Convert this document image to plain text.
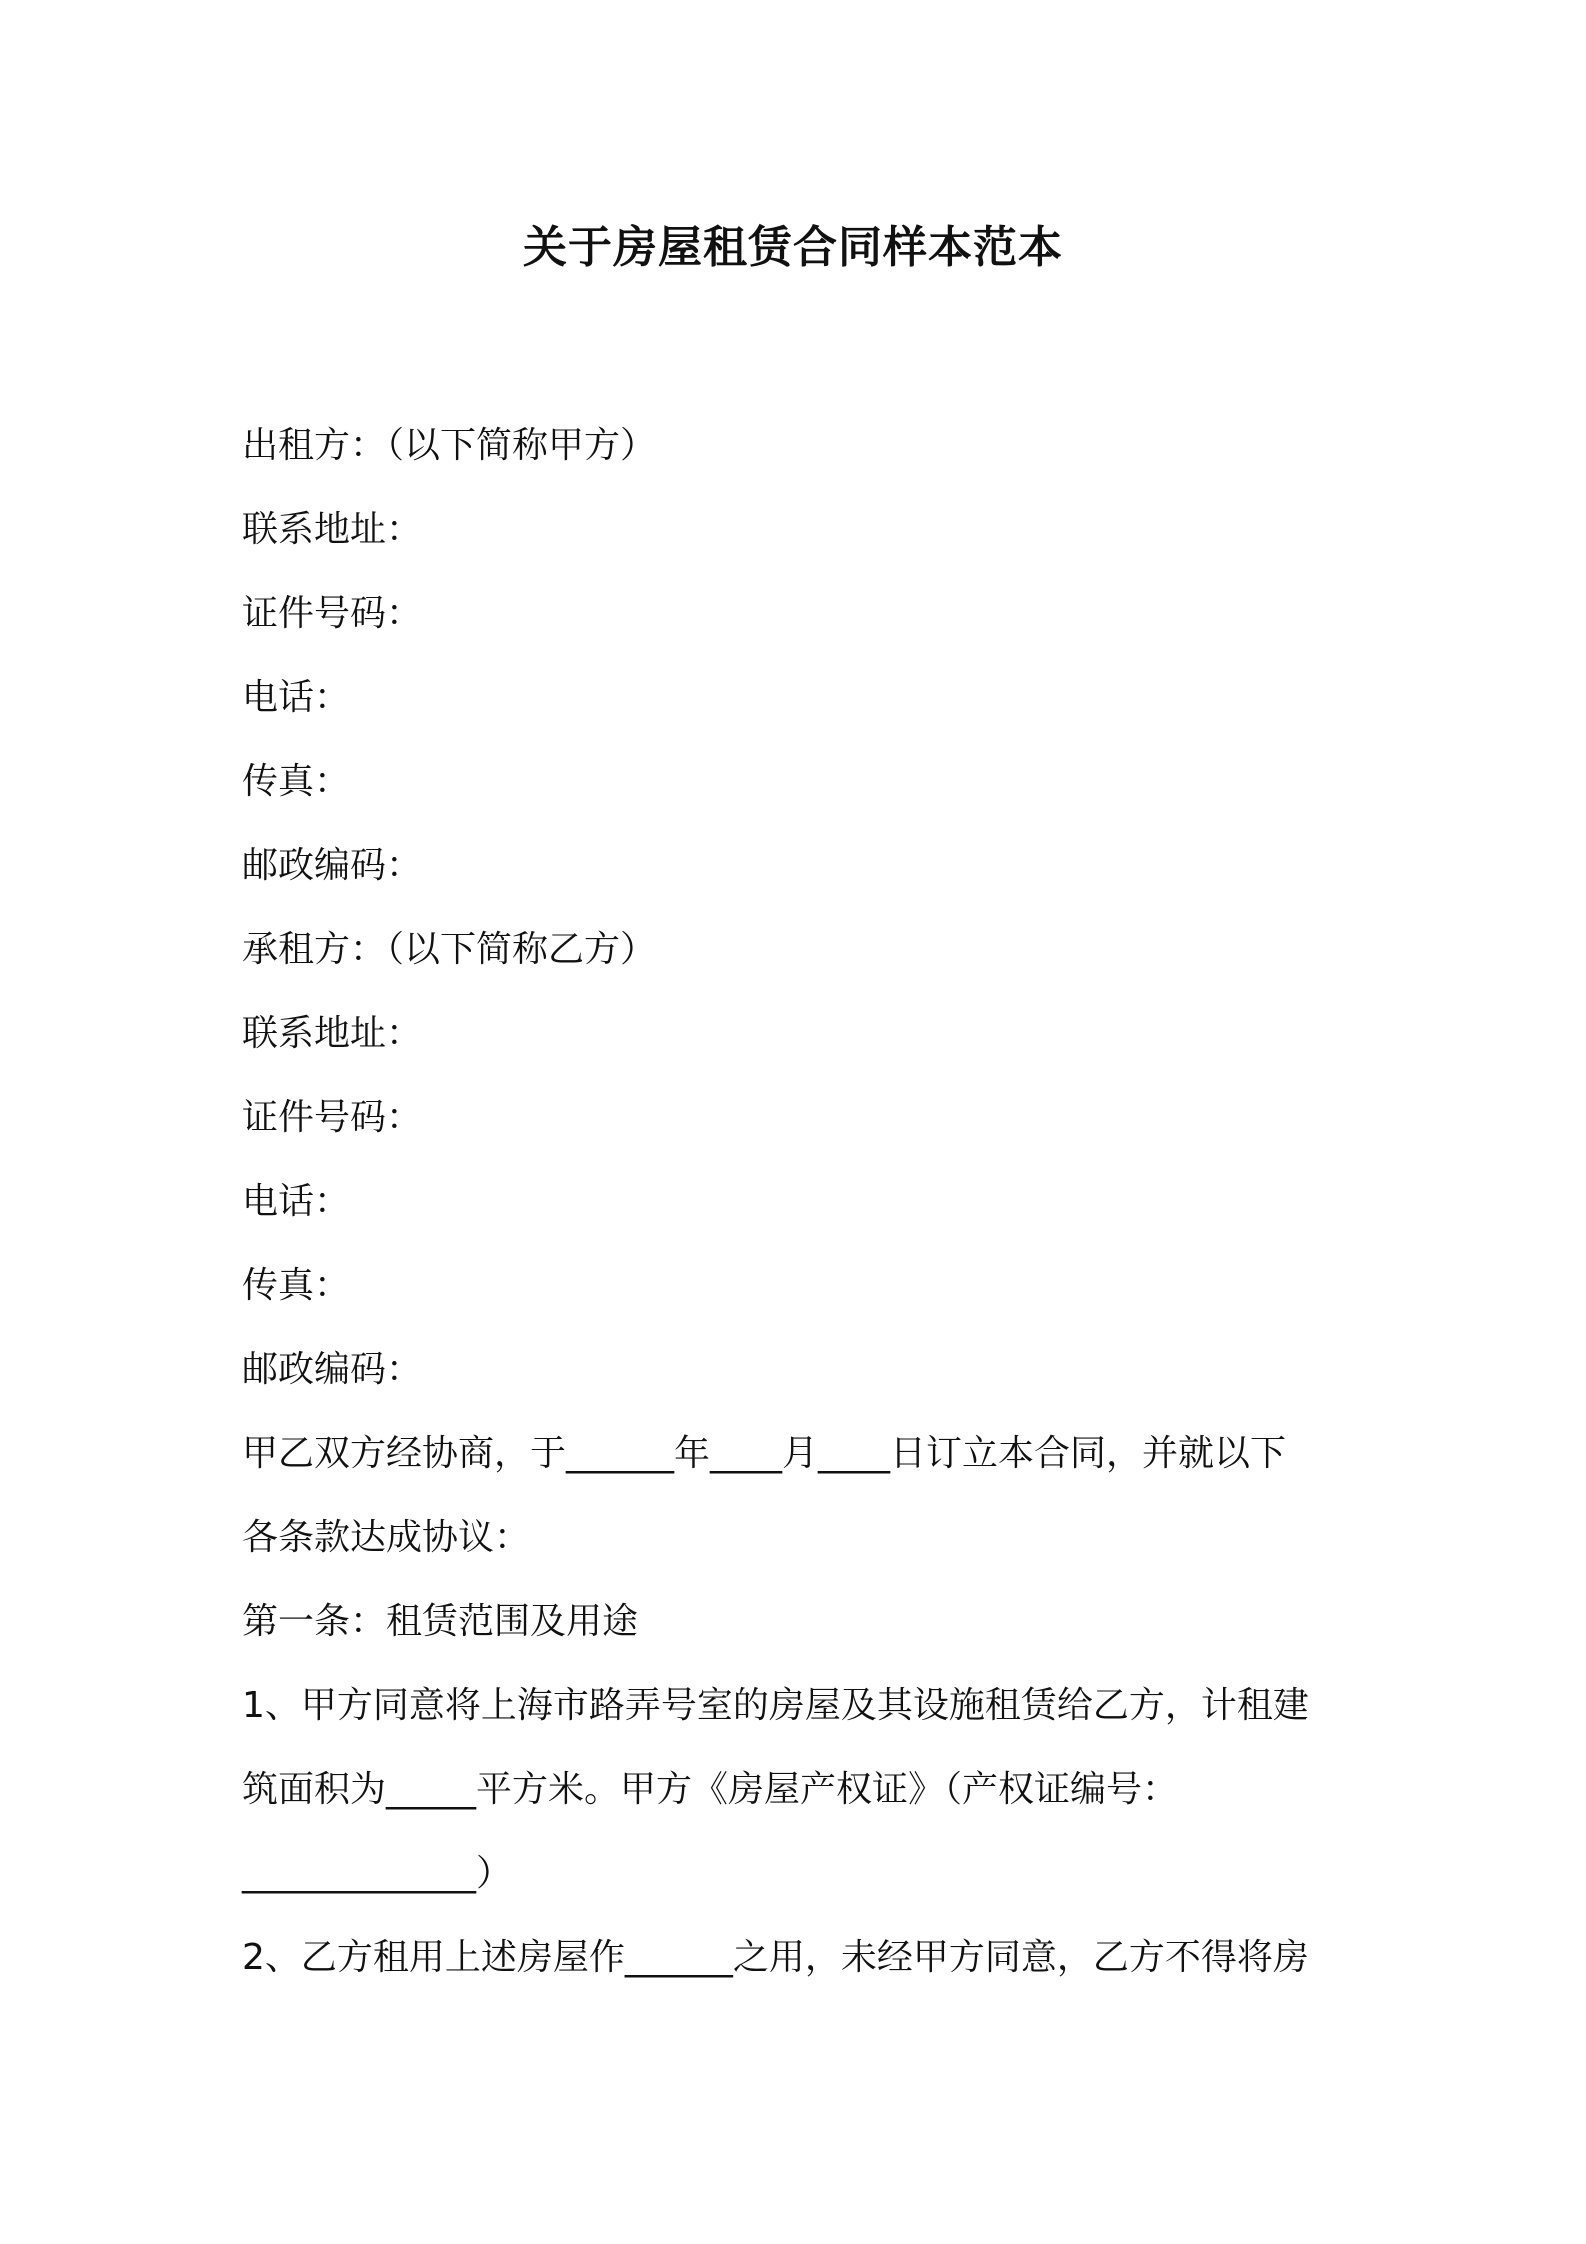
关于房屋租赁合同样本范本

出租方：（以下简称甲方）

联系地址：

证件号码：

电话：

传真：

邮政编码：

承租方：（以下简称乙方）

联系地址：

证件号码：

电话：

传真：

邮政编码：

甲乙双方经协商，于______年____月____日订立本合同，并就以下

各条款达成协议：

第一条：租赁范围及用途

1、甲方同意将上海市路弄号室的房屋及其设施租赁给乙方，计租建

筑面积为_____平方米。甲方《房屋产权证》（产权证编号：

_____________）

2、乙方租用上述房屋作______之用，未经甲方同意，乙方不得将房
